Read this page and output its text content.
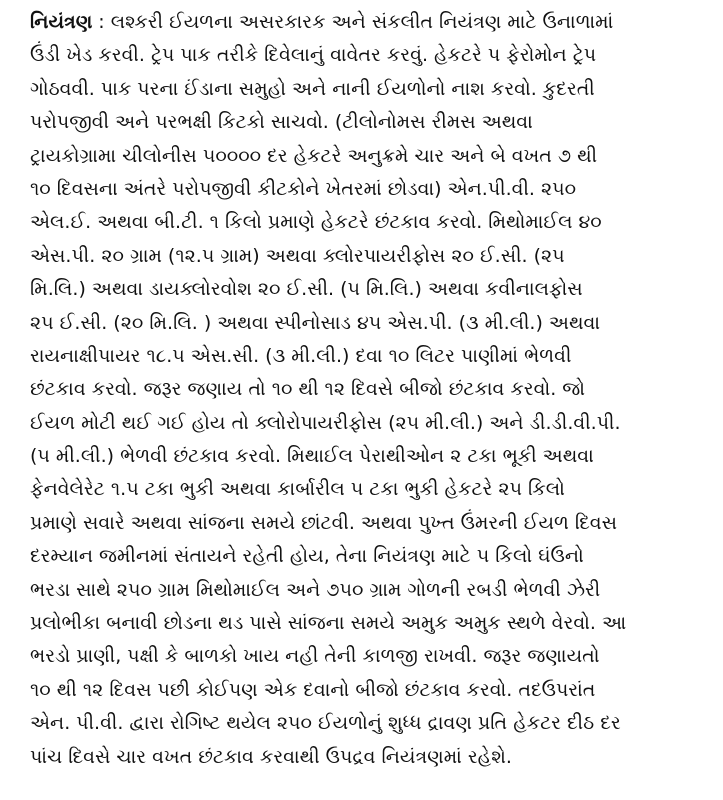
નિયંત્રણ : લશ્કરી ઈયળના અસરકારક અને સંકલીત નિયંત્રણ માટે ઉનાળામાં
ઉંડી ખેડ કરવી. ટ્રેપ પાક તરીકે દિવેલાનું વાવેતર કરવું. હેકટરે પ ફેરોમોન ટ્રેપ
ગોઠવવી. પાક પરના ઈંડાના સમુહો અને નાની ઈયળોનો નાશ કરવો. કુદરતી
પરોપજીવી અને પરભક્ષી કિટકો સાચવો. (ટીલોનોમસ રીમસ અથવા
ટ્રાયકોગ્રામા ચીલોનીસ ૫૦૦૦૦ દર હેકટરે અનુક્રમે ચાર અને બે વખત ૭ થી
૧૦ દિવસના અંતરે પરોપજીવી કીટકોને ખેતરમાં છોડવા) એન.પી.વી. ૨૫૦
એલ.ઈ. અથવા બી.ટી. ૧ કિલો પ્રમાણે હેકટરે છંટકાવ કરવો. મિથોમાઈલ ૪૦
એસ.પી. ૨૦ ગ્રામ (૧૨.૫ ગ્રામ) અથવા ક્લોરપાયરીફોસ ૨૦ ઈ.સી. (૨૫
મિ.લિ.) અથવા ડાયક્લોરવોશ ૨૦ ઈ.સી. (૫ મિ.લિ.) અથવા કવીનાલફોસ
૨૫ ઈ.સી. (૨૦ મિ.લિ. ) અથવા સ્પીનોસાડ ૪૫ એસ.પી. (૩ મી.લી.) અથવા
રાયનાક્ષીપાયર ૧૮.૫ એસ.સી. (૩ મી.લી.) દવા ૧૦ લિટર પાણીમાં ભેળવી
છંટકાવ કરવો. જરૂર જણાય તો ૧૦ થી ૧૨ દિવસે બીજો છંટકાવ કરવો. જો
ઈયળ મોટી થઈ ગઈ હોય તો ક્લોરોપાયરીફોસ (૨૫ મી.લી.) અને ડી.ડી.વી.પી.
(૫ મી.લી.) ભેળવી છંટકાવ કરવો. મિથાઈલ પેરાથીઓન ૨ ટકા ભૂકી અથવા
ફેનવેલેરેટ ૧.૫ ટકા ભુકી અથવા કાર્બારીલ ૫ ટકા ભુકી હેકટરે ૨૫ કિલો
પ્રમાણે સવારે અથવા સાંજના સમયે છાંટવી. અથવા પુખ્ત ઉંમરની ઈયળ દિવસ
દરમ્યાન જમીનમાં સંતાયને રહેતી હોય, તેના નિયંત્રણ માટે ૫ કિલો ઘંઉનો
ભરડા સાથે ૨૫૦ ગ્રામ મિથોમાઈલ અને ૭૫૦ ગ્રામ ગોળની રબડી ભેળવી ઝેરી
પ્રલોભીકા બનાવી છોડના થડ પાસે સાંજના સમયે અમુક અમુક સ્થળે વેરવો. આ
ભરડો પ્રાણી, પક્ષી કે બાળકો ખાય નહી તેની કાળજી રાખવી. જરૂર જણાયતો
૧૦ થી ૧૨ દિવસ પછી કોઈપણ એક દવાનો બીજો છંટકાવ કરવો. તદઉપરાંત
એન. પી.વી. દ્વારા રોગિષ્ટ થયેલ ૨૫૦ ઈયળોનું શુધ્ધ દ્રાવણ પ્રતિ હેકટર દીઠ દર
પાંચ દિવસે ચાર વખત છંટકાવ કરવાથી ઉપદ્રવ નિયંત્રણમાં રહેશે.
